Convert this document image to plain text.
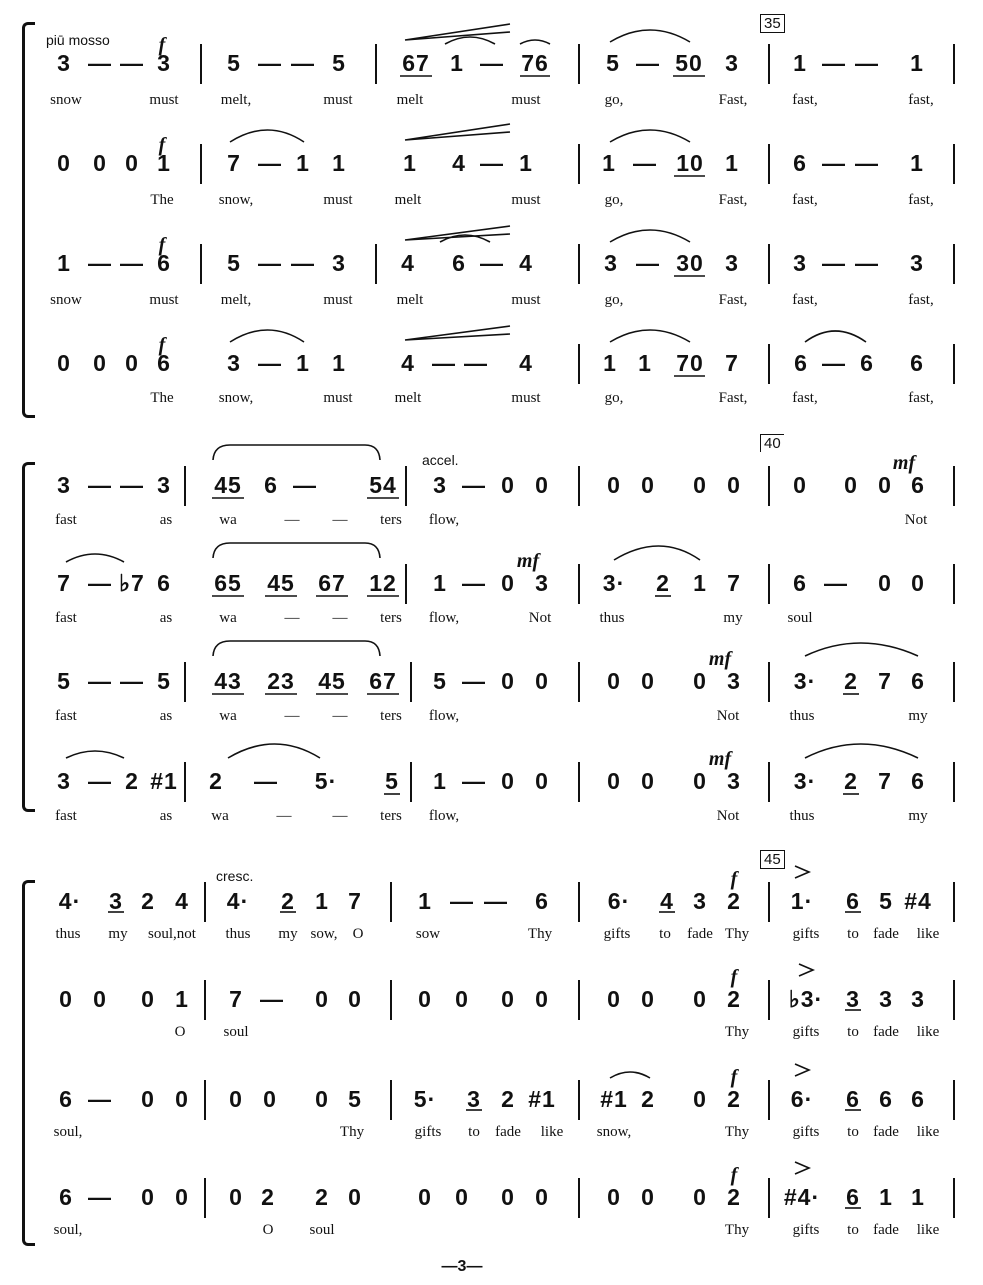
piū mosso
35
f
3 — — 3 5 — — 5 67 1 — 76 5 — 50 3 1 — — 1
snow	must	melt,	must	melt	must	go,	Fast,	fast,	fast,
f
0 0 0 1 7 — 1 1 1 4 — 1	1 — 10 1 6 — — 1
The	snow,	must	melt	must	go,	Fast,	fast,	fast,
f
1 — — 6 5 — — 3 4 6 — 4	3 — 30 3 3 — — 3
snow	must	melt,	must	melt	must	go,	Fast,	fast,	fast,
f
0 0 0 6 3 — 1 1 4 — — 4	1 1 70 7 6 — 6 6
The	snow,	must	melt	must	go,	Fast,	fast,	fast,
accel.
40
mf
3 — — 3 45 6 — 54 3 — 0 0	0 0 0 0 0 0 0 6
fast	as	wa	— — ters flow,	Not
mf
7 — ♭7 6 65 45 67 12 1 — 0 3 3· 2 1 7 6 — 0 0
fast	as	wa	— — ters flow,	Not	thus	my	soul
mf
5 — — 5 43 23 45 67 5 — 0 0	0 0 0 3 3· 2 7 6
fast	as	wa	— — ters flow,	Not	thus	my
mf
3 — 2 #1 2 — 5· 5 1 — 0 0	0 0 0 3 3· 2 7 6
fast	as	wa	—	— ters flow,	Not	thus	my
cresc.
45
f
4· 3 2 4 4· 2 1 7 1 — — 6	6· 4 3 2 1· 6 5 #4
thus my soul,not thus my sow, O	sow	Thy	gifts to fade Thy	gifts to fade like
f
0 0 0 1 7 — 0 0 0 0 0 0	0 0 0 2 ♭3· 3 3 3
O	soul	Thy	gifts to fade like
f
6 — 0 0 0 0 0 5 5· 3 2 #1 #1 2 0 2 6· 6 6 6
soul,	Thy	gifts to fade like snow,	Thy	gifts to fade like
f
6 — 0 0 0 2 2 0 0 0 0 0	0 0 0 2 #4· 6 1 1
soul,	O soul	Thy	gifts to fade like
—3—
